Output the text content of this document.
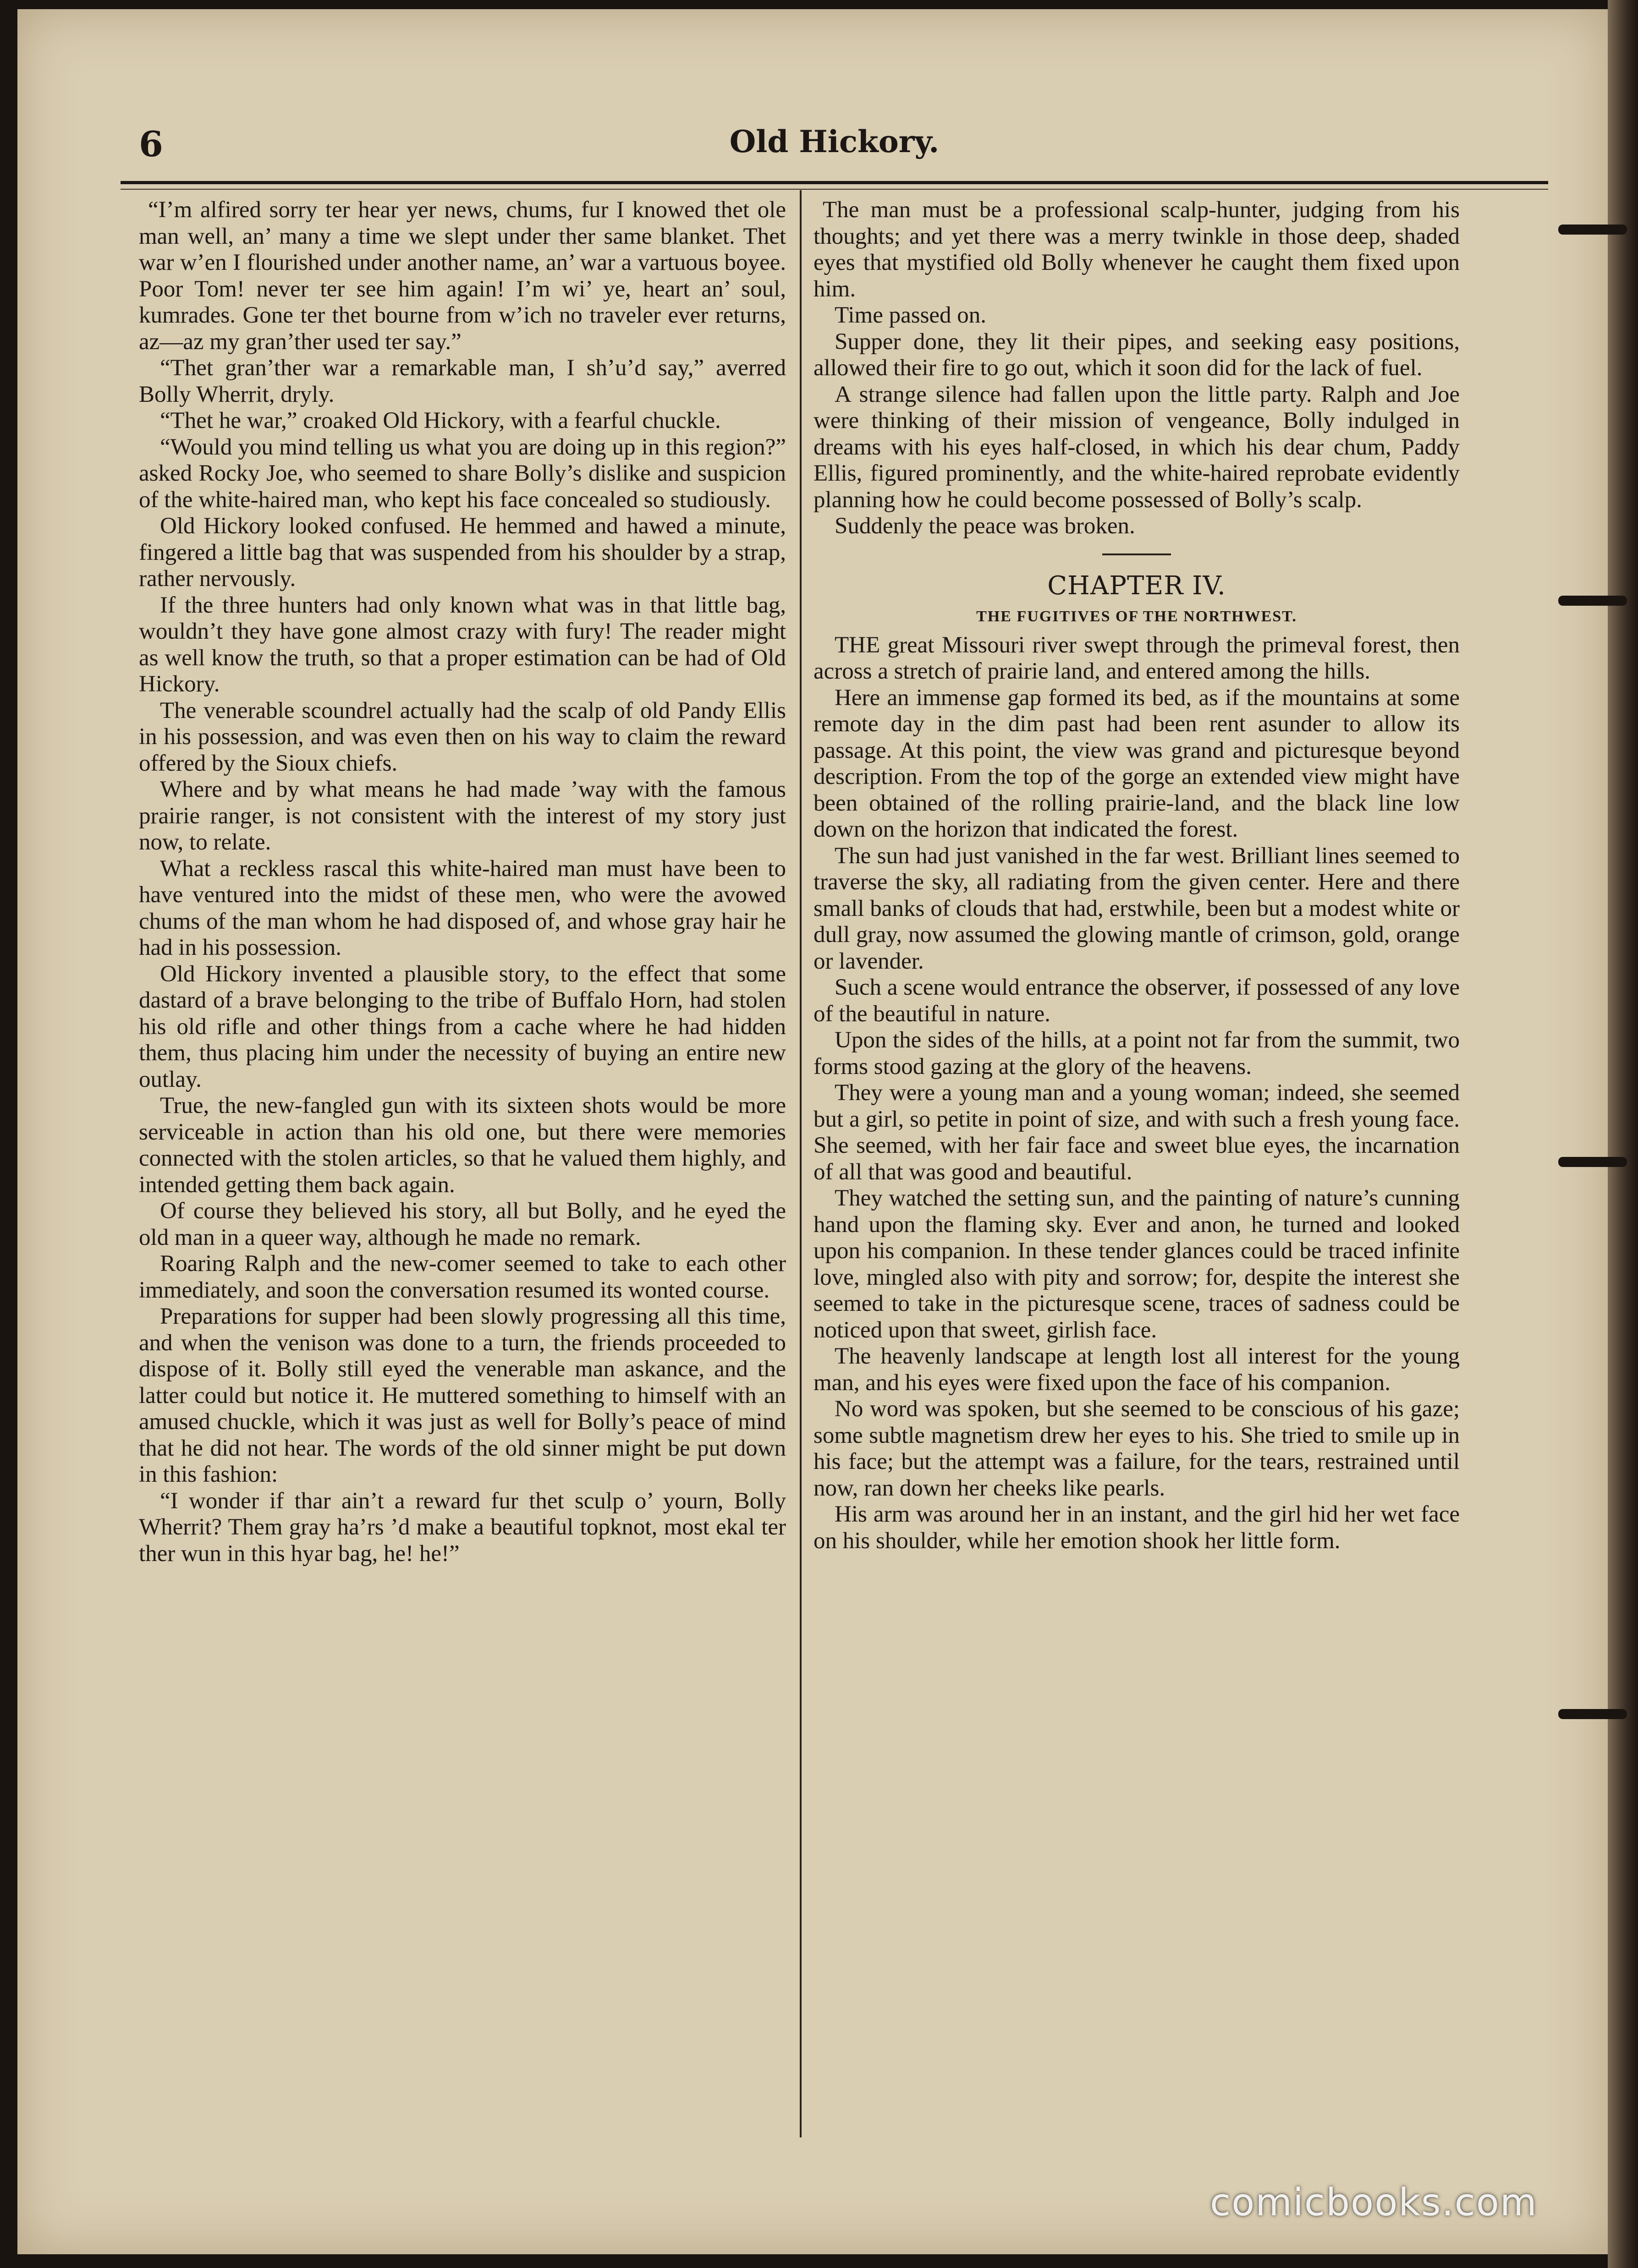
6	Old Hickory.

“I’m alfired sorry ter hear yer news, chums, fur I knowed thet ole man well, an’ many a time we slept under ther same blanket. Thet war w’en I flourished under another name, an’ war a vartuous boyee. Poor Tom! never ter see him again! I’m wi’ ye, heart an’ soul, kumrades. Gone ter thet bourne from w’ich no traveler ever returns, az—az my gran’ther used ter say.”

“Thet gran’ther war a remarkable man, I sh’u’d say,” averred Bolly Wherrit, dryly.

“Thet he war,” croaked Old Hickory, with a fearful chuckle.

“Would you mind telling us what you are doing up in this region?” asked Rocky Joe, who seemed to share Bolly’s dislike and suspicion of the white-haired man, who kept his face concealed so studiously.

Old Hickory looked confused. He hemmed and hawed a minute, fingered a little bag that was suspended from his shoulder by a strap, rather nervously.

If the three hunters had only known what was in that little bag, wouldn’t they have gone almost crazy with fury! The reader might as well know the truth, so that a proper estimation can be had of Old Hickory.

The venerable scoundrel actually had the scalp of old Pandy Ellis in his possession, and was even then on his way to claim the reward offered by the Sioux chiefs.

Where and by what means he had made ’way with the famous prairie ranger, is not consistent with the interest of my story just now, to relate.

What a reckless rascal this white-haired man must have been to have ventured into the midst of these men, who were the avowed chums of the man whom he had disposed of, and whose gray hair he had in his possession.

Old Hickory invented a plausible story, to the effect that some dastard of a brave belonging to the tribe of Buffalo Horn, had stolen his old rifle and other things from a cache where he had hidden them, thus placing him under the necessity of buying an entire new outlay.

True, the new-fangled gun with its sixteen shots would be more serviceable in action than his old one, but there were memories connected with the stolen articles, so that he valued them highly, and intended getting them back again.

Of course they believed his story, all but Bolly, and he eyed the old man in a queer way, although he made no remark.

Roaring Ralph and the new-comer seemed to take to each other immediately, and soon the conversation resumed its wonted course.

Preparations for supper had been slowly progressing all this time, and when the venison was done to a turn, the friends proceeded to dispose of it. Bolly still eyed the venerable man askance, and the latter could but notice it. He muttered something to himself with an amused chuckle, which it was just as well for Bolly’s peace of mind that he did not hear. The words of the old sinner might be put down in this fashion:

“I wonder if thar ain’t a reward fur thet sculp o’ yourn, Bolly Wherrit? Them gray ha’rs ’d make a beautiful topknot, most ekal ter ther wun in this hyar bag, he! he!”

The man must be a professional scalp-hunter, judging from his thoughts; and yet there was a merry twinkle in those deep, shaded eyes that mystified old Bolly whenever he caught them fixed upon him.

Time passed on.

Supper done, they lit their pipes, and seeking easy positions, allowed their fire to go out, which it soon did for the lack of fuel.

A strange silence had fallen upon the little party. Ralph and Joe were thinking of their mission of vengeance, Bolly indulged in dreams with his eyes half-closed, in which his dear chum, Paddy Ellis, figured prominently, and the white-haired reprobate evidently planning how he could become possessed of Bolly’s scalp.

Suddenly the peace was broken.

CHAPTER IV.
THE FUGITIVES OF THE NORTHWEST.

THE great Missouri river swept through the primeval forest, then across a stretch of prairie land, and entered among the hills.

Here an immense gap formed its bed, as if the mountains at some remote day in the dim past had been rent asunder to allow its passage. At this point, the view was grand and picturesque beyond description. From the top of the gorge an extended view might have been obtained of the rolling prairie-land, and the black line low down on the horizon that indicated the forest.

The sun had just vanished in the far west. Brilliant lines seemed to traverse the sky, all radiating from the given center. Here and there small banks of clouds that had, erstwhile, been but a modest white or dull gray, now assumed the glowing mantle of crimson, gold, orange or lavender.

Such a scene would entrance the observer, if possessed of any love of the beautiful in nature.

Upon the sides of the hills, at a point not far from the summit, two forms stood gazing at the glory of the heavens.

They were a young man and a young woman; indeed, she seemed but a girl, so petite in point of size, and with such a fresh young face. She seemed, with her fair face and sweet blue eyes, the incarnation of all that was good and beautiful.

They watched the setting sun, and the painting of nature’s cunning hand upon the flaming sky. Ever and anon, he turned and looked upon his companion. In these tender glances could be traced infinite love, mingled also with pity and sorrow; for, despite the interest she seemed to take in the picturesque scene, traces of sadness could be noticed upon that sweet, girlish face.

The heavenly landscape at length lost all interest for the young man, and his eyes were fixed upon the face of his companion.

No word was spoken, but she seemed to be conscious of his gaze; some subtle magnetism drew her eyes to his. She tried to smile up in his face; but the attempt was a failure, for the tears, restrained until now, ran down her cheeks like pearls.

His arm was around her in an instant, and the girl hid her wet face on his shoulder, while her emotion shook her little form.

comicbooks.com
